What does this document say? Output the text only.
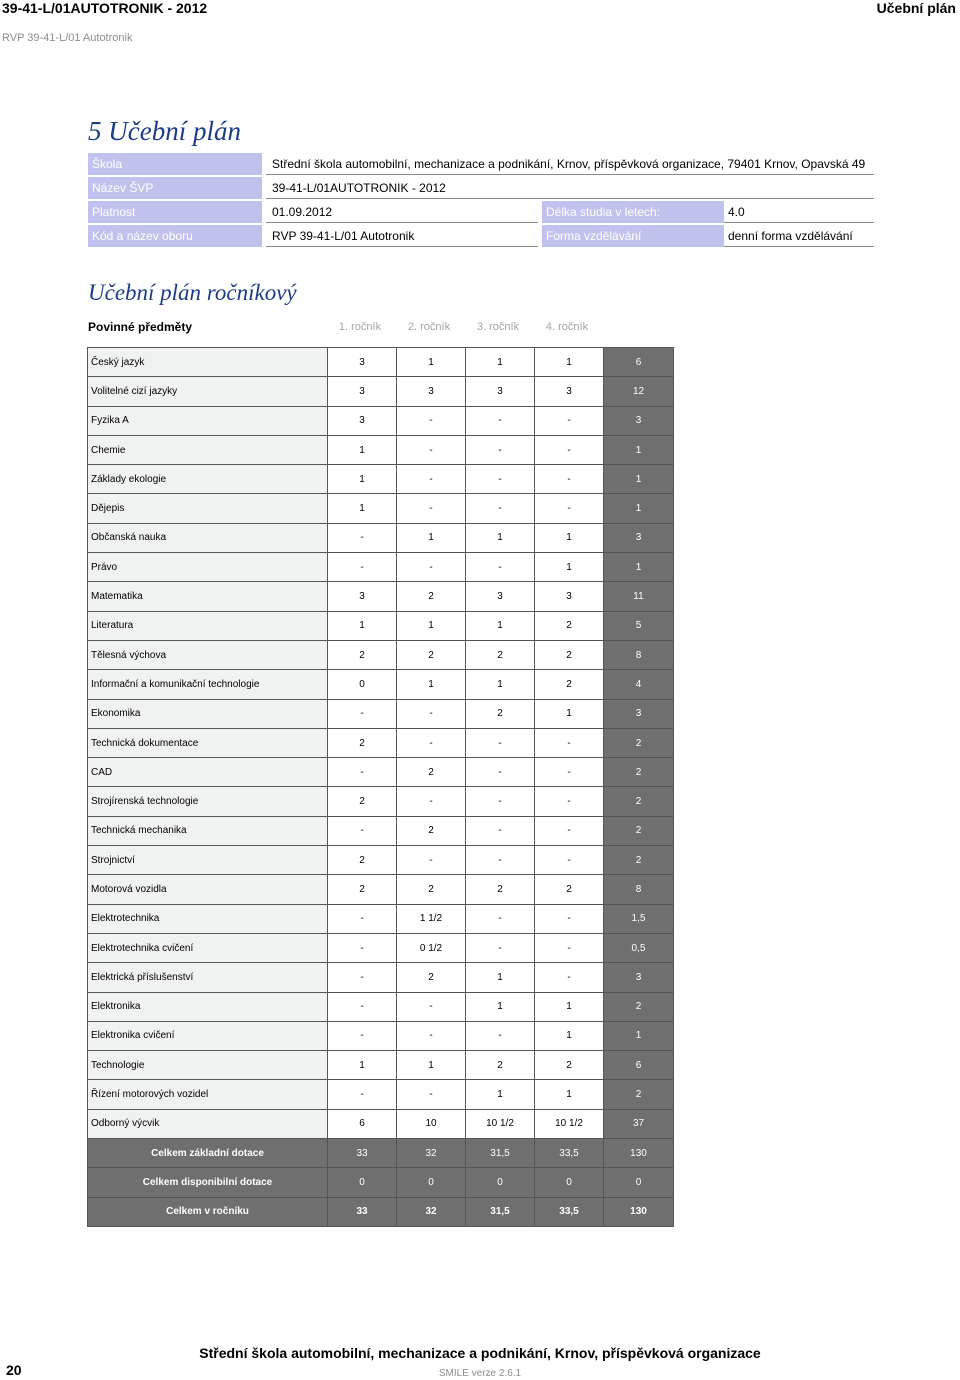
39-41-L/01AUTOTRONIK - 2012	Učební plán
RVP 39-41-L/01 Autotronik
5 Učební plán
Škola		Střední škola automobilní, mechanizace a podnikání, Krnov, příspěvková organizace, 79401 Krnov, Opavská 49			
Název ŠVP		39-41-L/01AUTOTRONIK - 2012			
Platnost		01.09.2012		Délka studia v letech:	4.0
Kód a název oboru		RVP 39-41-L/01 Autotronik		Forma vzdělávání	denní forma vzdělávání
Učební plán ročníkový
Povinné předměty	1. ročník	2. ročník	3. ročník	4. ročník
Český jazyk	3	1	1	1	6
Volitelné cizí jazyky	3	3	3	3	12
Fyzika A	3	-	-	-	3
Chemie	1	-	-	-	1
Základy ekologie	1	-	-	-	1
Dějepis	1	-	-	-	1
Občanská nauka	-	1	1	1	3
Právo	-	-	-	1	1
Matematika	3	2	3	3	11
Literatura	1	1	1	2	5
Tělesná výchova	2	2	2	2	8
Informační a komunikační technologie	0	1	1	2	4
Ekonomika	-	-	2	1	3
Technická dokumentace	2	-	-	-	2
CAD	-	2	-	-	2
Strojírenská technologie	2	-	-	-	2
Technická mechanika	-	2	-	-	2
Strojnictví	2	-	-	-	2
Motorová vozidla	2	2	2	2	8
Elektrotechnika	-	1 1/2	-	-	1,5
Elektrotechnika cvičení	-	0 1/2	-	-	0,5
Elektrická příslušenství	-	2	1	-	3
Elektronika	-	-	1	1	2
Elektronika cvičení	-	-	-	1	1
Technologie	1	1	2	2	6
Řízení motorových vozidel	-	-	1	1	2
Odborný výcvik	6	10	10 1/2	10 1/2	37
Celkem základní dotace	33	32	31,5	33,5	130
Celkem disponibilní dotace	0	0	0	0	0
Celkem v ročníku	33	32	31,5	33,5	130
Střední škola automobilní, mechanizace a podnikání, Krnov, příspěvková organizace
SMILE verze 2.6.1
20
